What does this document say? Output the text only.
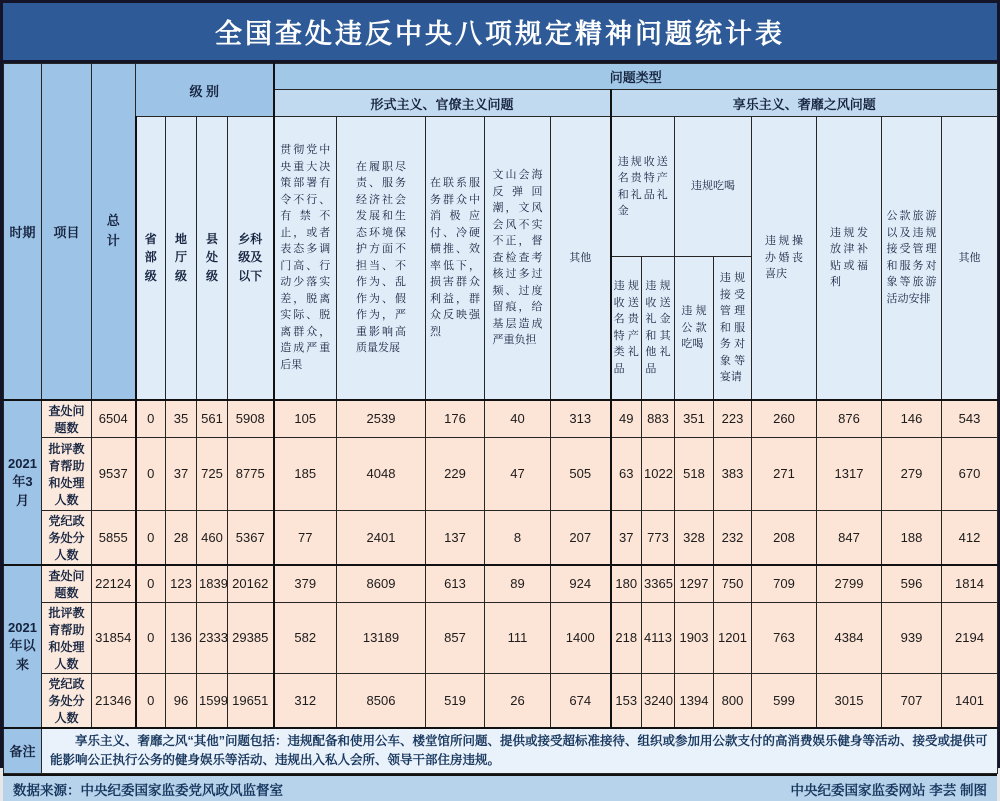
全国查处违反中央八项规定精神问题统计表
时期	项目	总计	级 别				问题类型												
							形式主义、官僚主义问题					享乐主义、奢靡之风问题							
			省部级	地厅级	县处级	乡科级及以下	贯彻党中央重大决策部署有令不行、有禁不止，或者表态多调门高、行动少落实差，脱离实际、脱离群众，造成严重后果	在履职尽责、服务经济社会发展和生态环境保护方面不担当、不作为、乱作为、假作为，严重影响高质量发展	在联系服务群众中消极应付、冷硬横推、效率低下，损害群众利益，群众反映强烈	文山会海反弹回潮，文风会风不实不正，督查检查考核过多过频、过度留痕，给基层造成严重负担	其他	违规收送名贵特产和礼品礼金		违规吃喝		违规操办婚丧喜庆	违规发放津补贴或福利	公款旅游以及违规接受管理和服务对象等旅游活动安排	其他
												违规收送名贵特产类礼品	违规收送礼金和其他礼品	违规公款吃喝	违规接受管理和服务对象等宴请				
2021年3月	查处问题数	6504	0	35	561	5908	105	2539	176	40	313	49	883	351	223	260	876	146	543
	批评教育帮助和处理人数	9537	0	37	725	8775	185	4048	229	47	505	63	1022	518	383	271	1317	279	670
	党纪政务处分人数	5855	0	28	460	5367	77	2401	137	8	207	37	773	328	232	208	847	188	412
2021年以来	查处问题数	22124	0	123	1839	20162	379	8609	613	89	924	180	3365	1297	750	709	2799	596	1814
	批评教育帮助和处理人数	31854	0	136	2333	29385	582	13189	857	111	1400	218	4113	1903	1201	763	4384	939	2194
	党纪政务处分人数	21346	0	96	1599	19651	312	8506	519	26	674	153	3240	1394	800	599	3015	707	1401
备注	享乐主义、奢靡之风“其他”问题包括：违规配备和使用公车、楼堂馆所问题、提供或接受超标准接待、组织或参加用公款支付的高消费娱乐健身等活动、接受或提供可能影响公正执行公务的健身娱乐等活动、违规出入私人会所、领导干部住房违规。																		
数据来源：中央纪委国家监委党风政风监督室	中央纪委国家监委网站 李芸 制图
